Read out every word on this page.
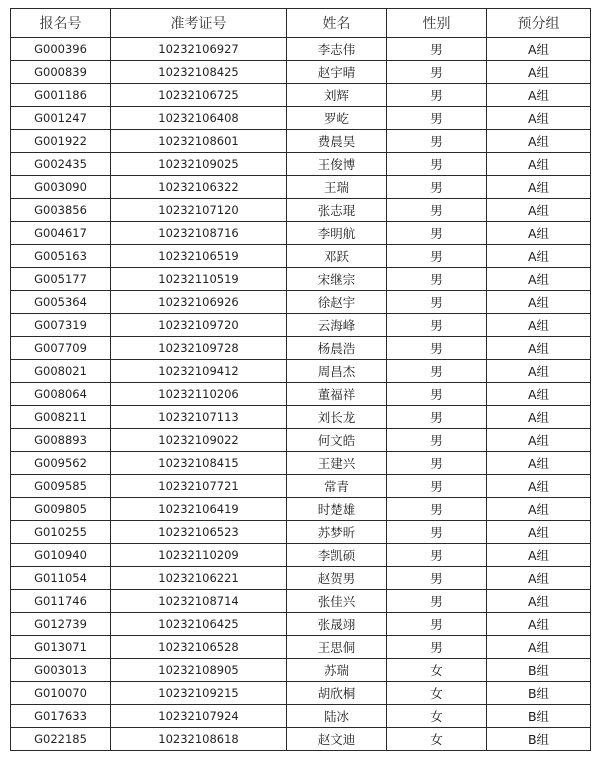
报名号	准考证号	姓名	性别	预分组
G000396	10232106927	李志伟	男	A组
G000839	10232108425	赵宇晴	男	A组
G001186	10232106725	刘辉	男	A组
G001247	10232106408	罗屹	男	A组
G001922	10232108601	费晨昊	男	A组
G002435	10232109025	王俊博	男	A组
G003090	10232106322	王瑞	男	A组
G003856	10232107120	张志琨	男	A组
G004617	10232108716	李明航	男	A组
G005163	10232106519	邓跃	男	A组
G005177	10232110519	宋继宗	男	A组
G005364	10232106926	徐赵宇	男	A组
G007319	10232109720	云海峰	男	A组
G007709	10232109728	杨晨浩	男	A组
G008021	10232109412	周昌杰	男	A组
G008064	10232110206	董福祥	男	A组
G008211	10232107113	刘长龙	男	A组
G008893	10232109022	何文皓	男	A组
G009562	10232108415	王建兴	男	A组
G009585	10232107721	常青	男	A组
G009805	10232106419	时楚雄	男	A组
G010255	10232106523	苏梦昕	男	A组
G010940	10232110209	李凯硕	男	A组
G011054	10232106221	赵贺男	男	A组
G011746	10232108714	张佳兴	男	A组
G012739	10232106425	张晟翊	男	A组
G013071	10232106528	王思侗	男	A组
G003013	10232108905	苏瑞	女	B组
G010070	10232109215	胡欣桐	女	B组
G017633	10232107924	陆冰	女	B组
G022185	10232108618	赵文迪	女	B组
